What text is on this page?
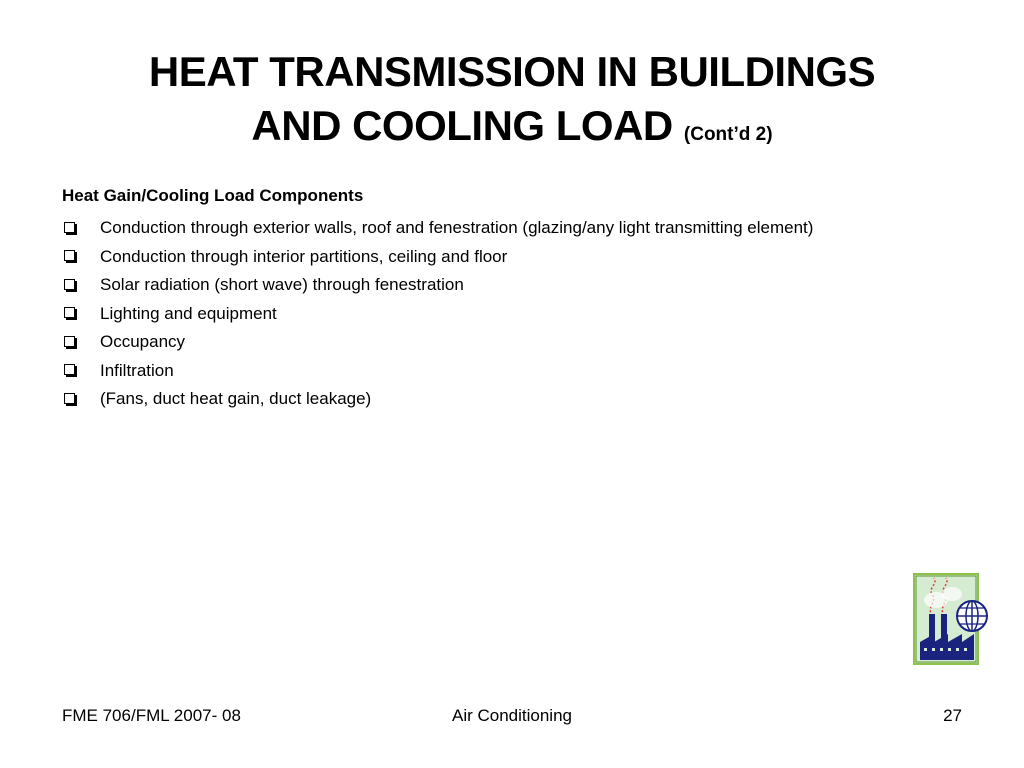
HEAT TRANSMISSION IN BUILDINGS
AND COOLING LOAD (Cont’d 2)
Heat Gain/Cooling Load Components
Conduction through exterior walls, roof and fenestration (glazing/any light transmitting element)
Conduction through interior partitions, ceiling and floor
Solar radiation (short wave) through fenestration
Lighting and equipment
Occupancy
Infiltration
(Fans, duct heat gain, duct leakage)
FME 706/FML 2007- 08	Air Conditioning	27
